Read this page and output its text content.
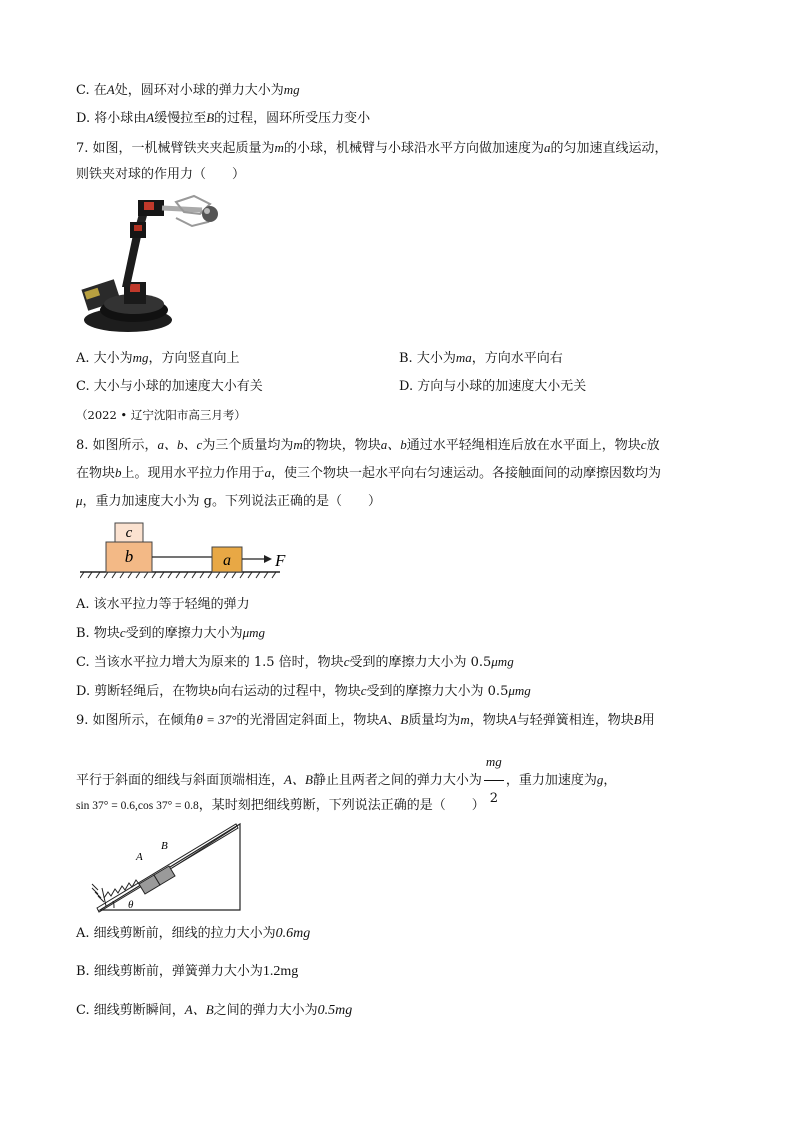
C. 在A处，圆环对小球的弹力大小为mg
D. 将小球由A缓慢拉至B的过程，圆环所受压力变小
7. 如图，一机械臂铁夹夹起质量为m的小球，机械臂与小球沿水平方向做加速度为a的匀加速直线运动，
则铁夹对球的作用力（　　）
A. 大小为mg，方向竖直向上	B. 大小为ma，方向水平向右
C. 大小与小球的加速度大小有关	D. 方向与小球的加速度大小无关
（2022 • 辽宁沈阳市高三月考）
8. 如图所示，a、b、c为三个质量均为m的物块，物块a、b通过水平轻绳相连后放在水平面上，物块c放
在物块b上。现用水平拉力作用于a，使三个物块一起水平向右匀速运动。各接触面间的动摩擦因数均为
μ，重力加速度大小为 g。下列说法正确的是（　　）
c
b	a	F
A. 该水平拉力等于轻绳的弹力
B. 物块c受到的摩擦力大小为μmg
C. 当该水平拉力增大为原来的 1.5 倍时，物块c受到的摩擦力大小为 0.5μmg
D. 剪断轻绳后，在物块b向右运动的过程中，物块c受到的摩擦力大小为 0.5μmg
9. 如图所示，在倾角θ = 37°的光滑固定斜面上，物块A、B质量均为m，物块A与轻弹簧相连，物块B用
平行于斜面的细线与斜面顶端相连，A、B静止且两者之间的弹力大小为 $\frac{mg}{2}$ ，重力加速度为g，
sin 37° = 0.6,cos 37° = 0.8，某时刻把细线剪断，下列说法正确的是（　　）
θ
A
B
A. 细线剪断前，细线的拉力大小为0.6mg
B. 细线剪断前，弹簧弹力大小为1.2mg
C. 细线剪断瞬间，A、B之间的弹力大小为0.5mg
